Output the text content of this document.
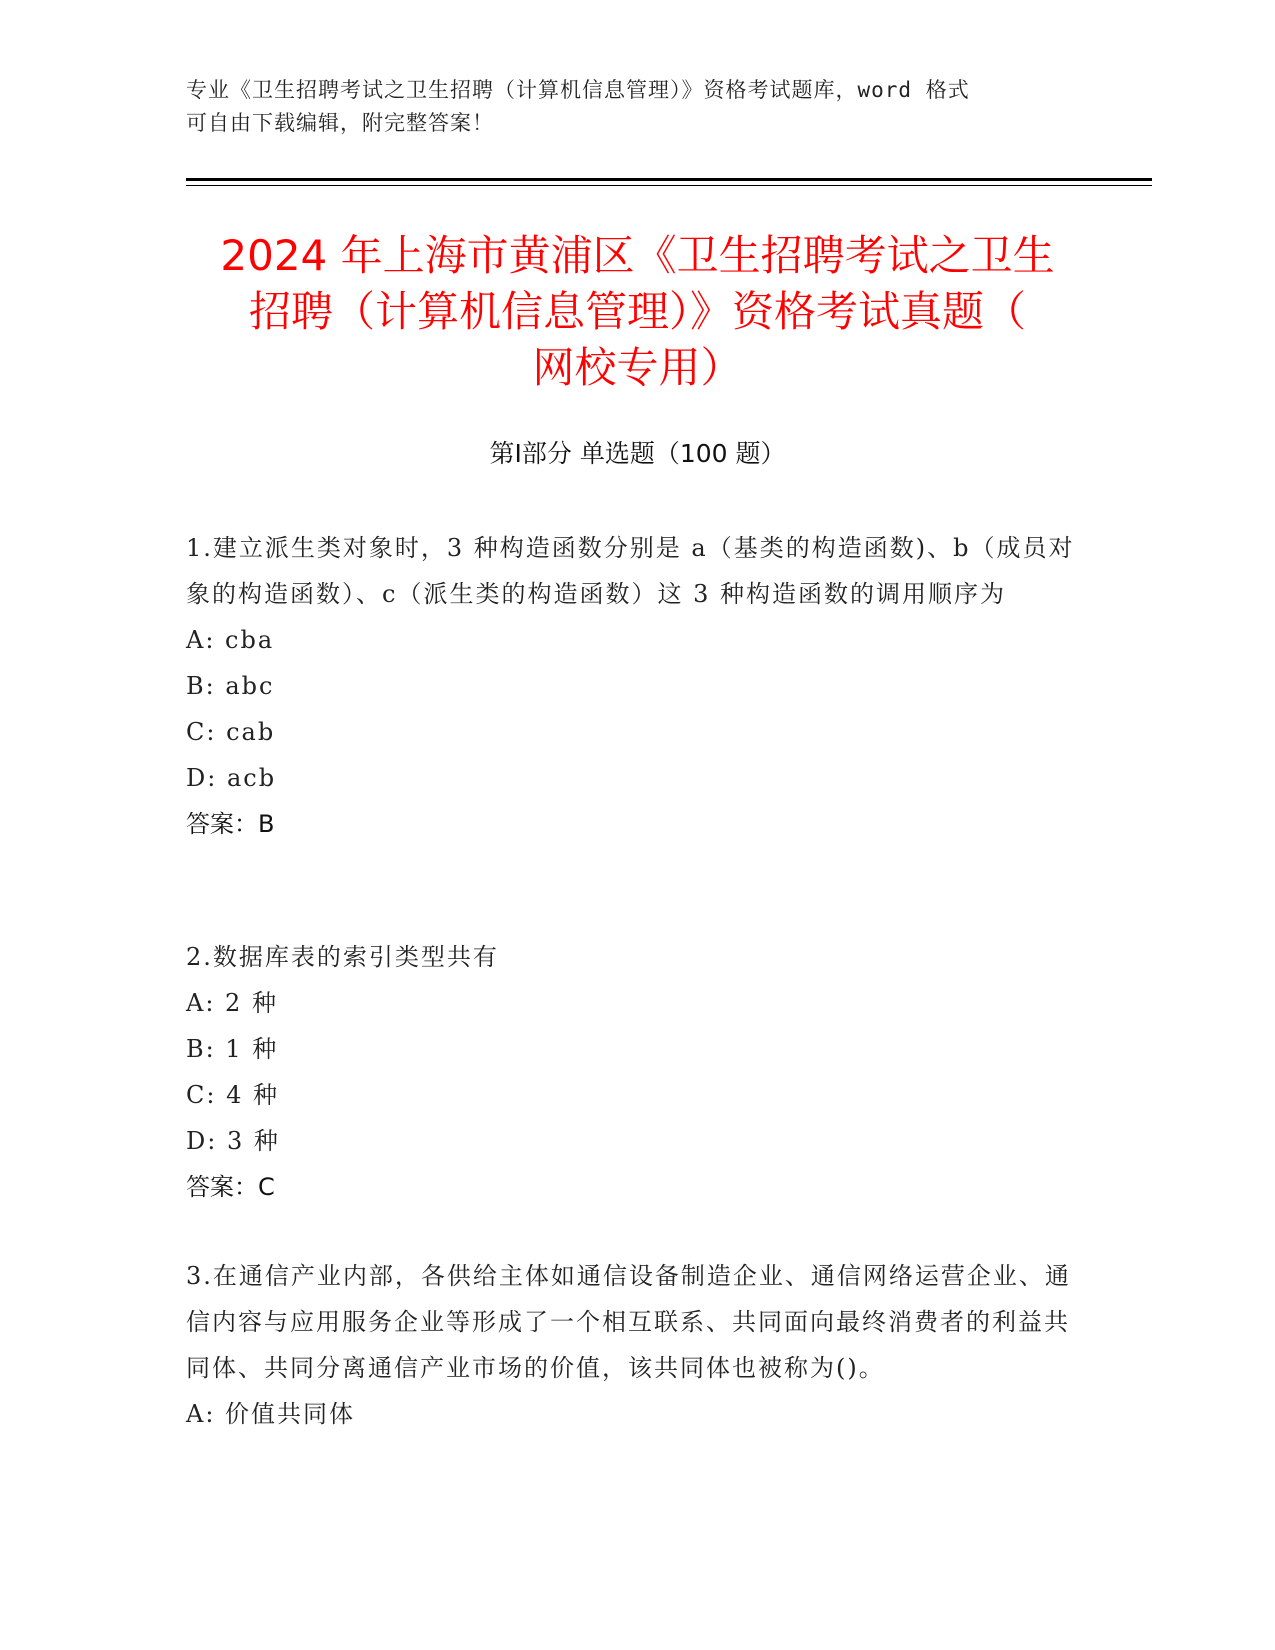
专业《卫生招聘考试之卫生招聘（计算机信息管理）》资格考试题库，word 格式
可自由下载编辑，附完整答案！
2024 年上海市黄浦区《卫生招聘考试之卫生
招聘（计算机信息管理）》资格考试真题（
网校专用）
第Ⅰ部分 单选题（100 题）

1.建立派生类对象时，3 种构造函数分别是 a（基类的构造函数)、b（成员对象的构造函数）、c（派生类的构造函数）这 3 种构造函数的调用顺序为

A: cba

B: abc

C: cab

D: acb

答案：B

2.数据库表的索引类型共有

A: 2 种

B: 1 种

C: 4 种

D: 3 种

答案：C

3.在通信产业内部，各供给主体如通信设备制造企业、通信网络运营企业、通信内容与应用服务企业等形成了一个相互联系、共同面向最终消费者的利益共同体、共同分离通信产业市场的价值，该共同体也被称为()。

A: 价值共同体
